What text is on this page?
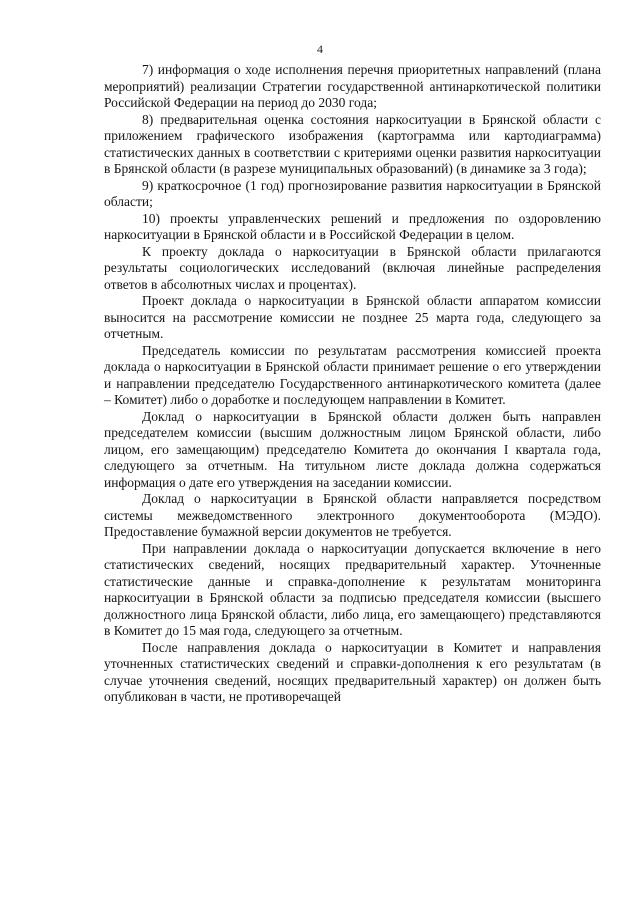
4

7) информация о ходе исполнения перечня приоритетных направлений (плана мероприятий) реализации Стратегии государственной антинаркотической политики Российской Федерации на период до 2030 года;

8) предварительная оценка состояния наркоситуации в Брянской области с приложением графического изображения (картограмма или картодиаграмма) статистических данных в соответствии с критериями оценки развития наркоситуации в Брянской области (в разрезе муниципальных образований) (в динамике за 3 года);

9) краткосрочное (1 год) прогнозирование развития наркоситуации в Брянской области;

10) проекты управленческих решений и предложения по оздоровлению наркоситуации в Брянской области и в Российской Федерации в целом.

К проекту доклада о наркоситуации в Брянской области прилагаются результаты социологических исследований (включая линейные распределения ответов в абсолютных числах и процентах).

Проект доклада о наркоситуации в Брянской области аппаратом комиссии выносится на рассмотрение комиссии не позднее 25 марта года, следующего за отчетным.

Председатель комиссии по результатам рассмотрения комиссией проекта доклада о наркоситуации в Брянской области принимает решение о его утверждении и направлении председателю Государственного антинаркотического комитета (далее – Комитет) либо о доработке и последующем направлении в Комитет.

Доклад о наркоситуации в Брянской области должен быть направлен председателем комиссии (высшим должностным лицом Брянской области, либо лицом, его замещающим) председателю Комитета до окончания I квартала года, следующего за отчетным. На титульном листе доклада должна содержаться информация о дате его утверждения на заседании комиссии.

Доклад о наркоситуации в Брянской области направляется посредством системы межведомственного электронного документооборота (МЭДО). Предоставление бумажной версии документов не требуется.

При направлении доклада о наркоситуации допускается включение в него статистических сведений, носящих предварительный характер. Уточненные статистические данные и справка-дополнение к результатам мониторинга наркоситуации в Брянской области за подписью председателя комиссии (высшего должностного лица Брянской области, либо лица, его замещающего) представляются в Комитет до 15 мая года, следующего за отчетным.

После направления доклада о наркоситуации в Комитет и направления уточненных статистических сведений и справки-дополнения к его результатам (в случае уточнения сведений, носящих предварительный характер) он должен быть опубликован в части, не противоречащей
